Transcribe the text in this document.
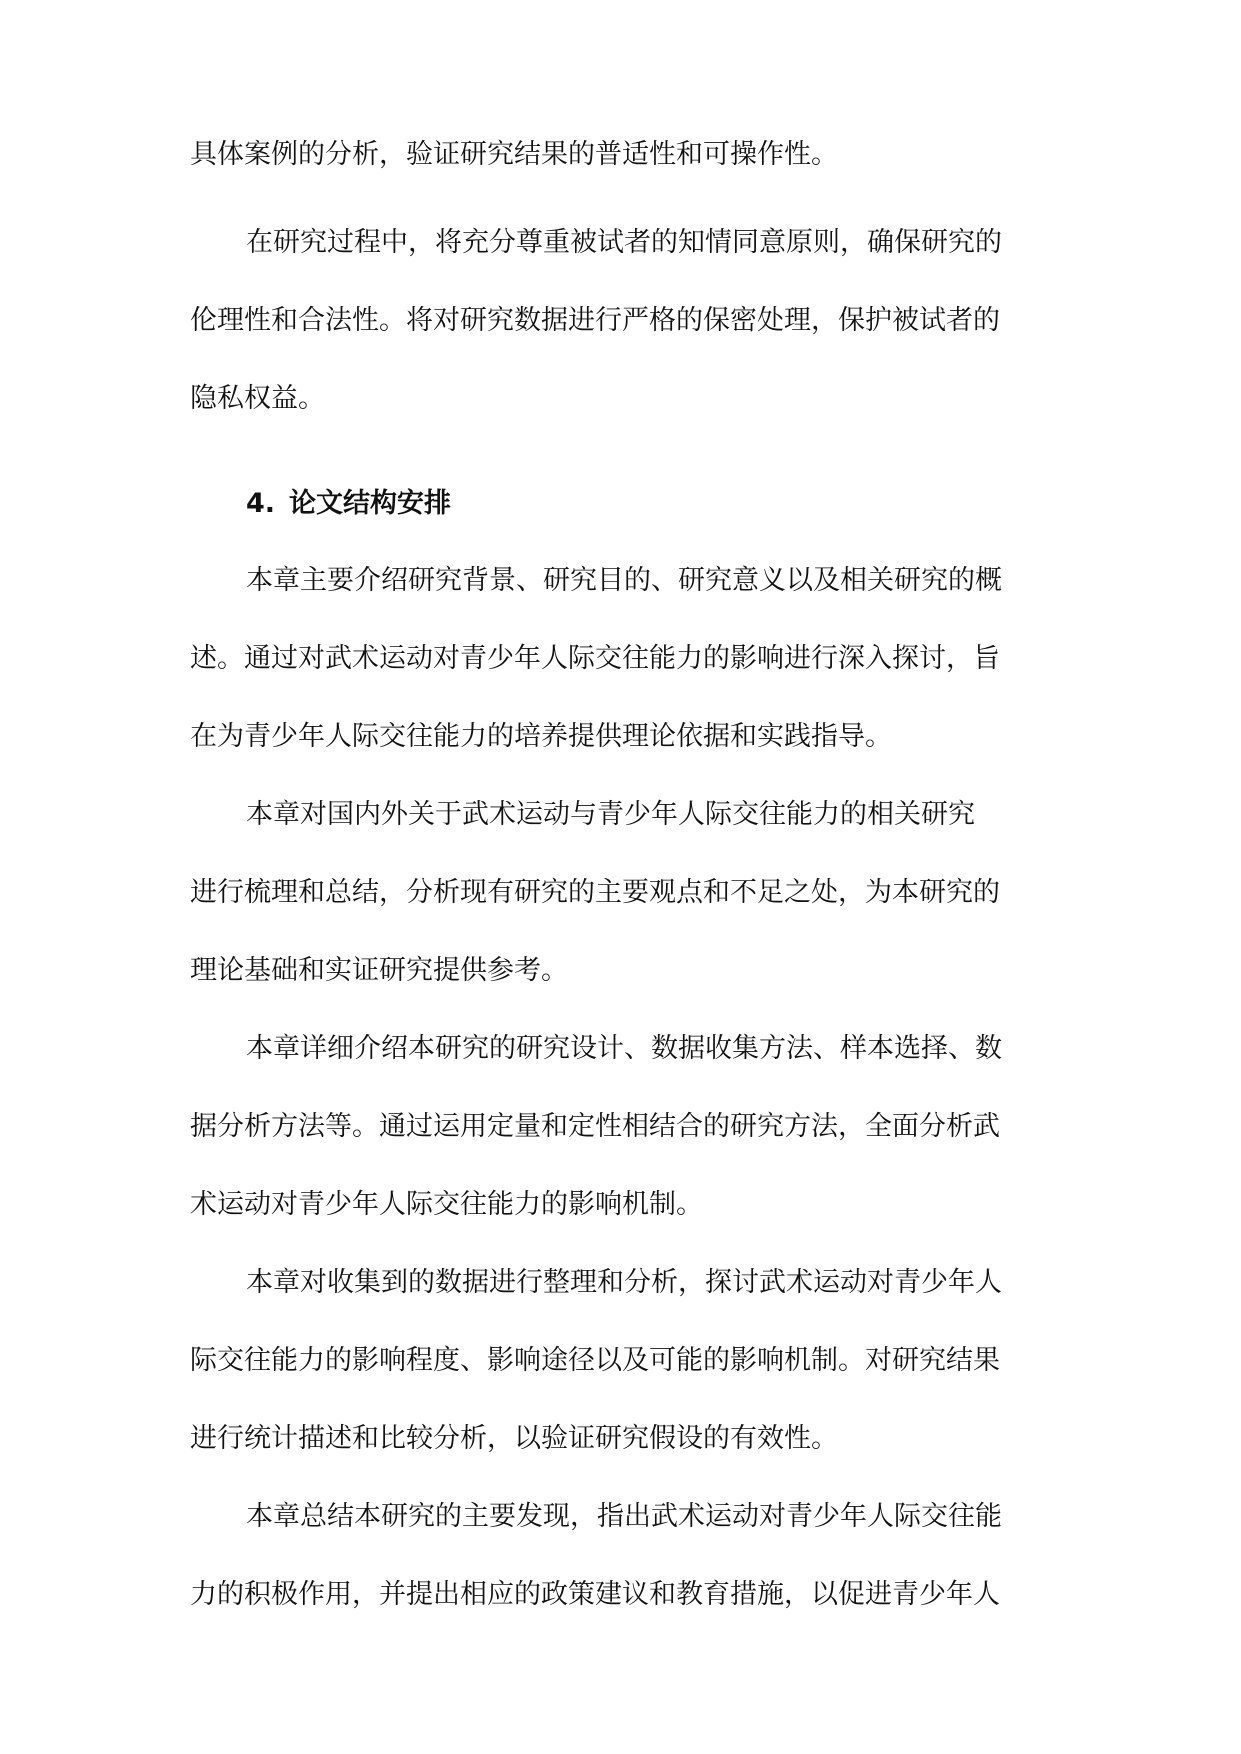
具体案例的分析，验证研究结果的普适性和可操作性。
在研究过程中，将充分尊重被试者的知情同意原则，确保研究的
伦理性和合法性。将对研究数据进行严格的保密处理，保护被试者的
隐私权益。
4. 论文结构安排
本章主要介绍研究背景、研究目的、研究意义以及相关研究的概
述。通过对武术运动对青少年人际交往能力的影响进行深入探讨，旨
在为青少年人际交往能力的培养提供理论依据和实践指导。
本章对国内外关于武术运动与青少年人际交往能力的相关研究
进行梳理和总结，分析现有研究的主要观点和不足之处，为本研究的
理论基础和实证研究提供参考。
本章详细介绍本研究的研究设计、数据收集方法、样本选择、数
据分析方法等。通过运用定量和定性相结合的研究方法，全面分析武
术运动对青少年人际交往能力的影响机制。
本章对收集到的数据进行整理和分析，探讨武术运动对青少年人
际交往能力的影响程度、影响途径以及可能的影响机制。对研究结果
进行统计描述和比较分析，以验证研究假设的有效性。
本章总结本研究的主要发现，指出武术运动对青少年人际交往能
力的积极作用，并提出相应的政策建议和教育措施，以促进青少年人
